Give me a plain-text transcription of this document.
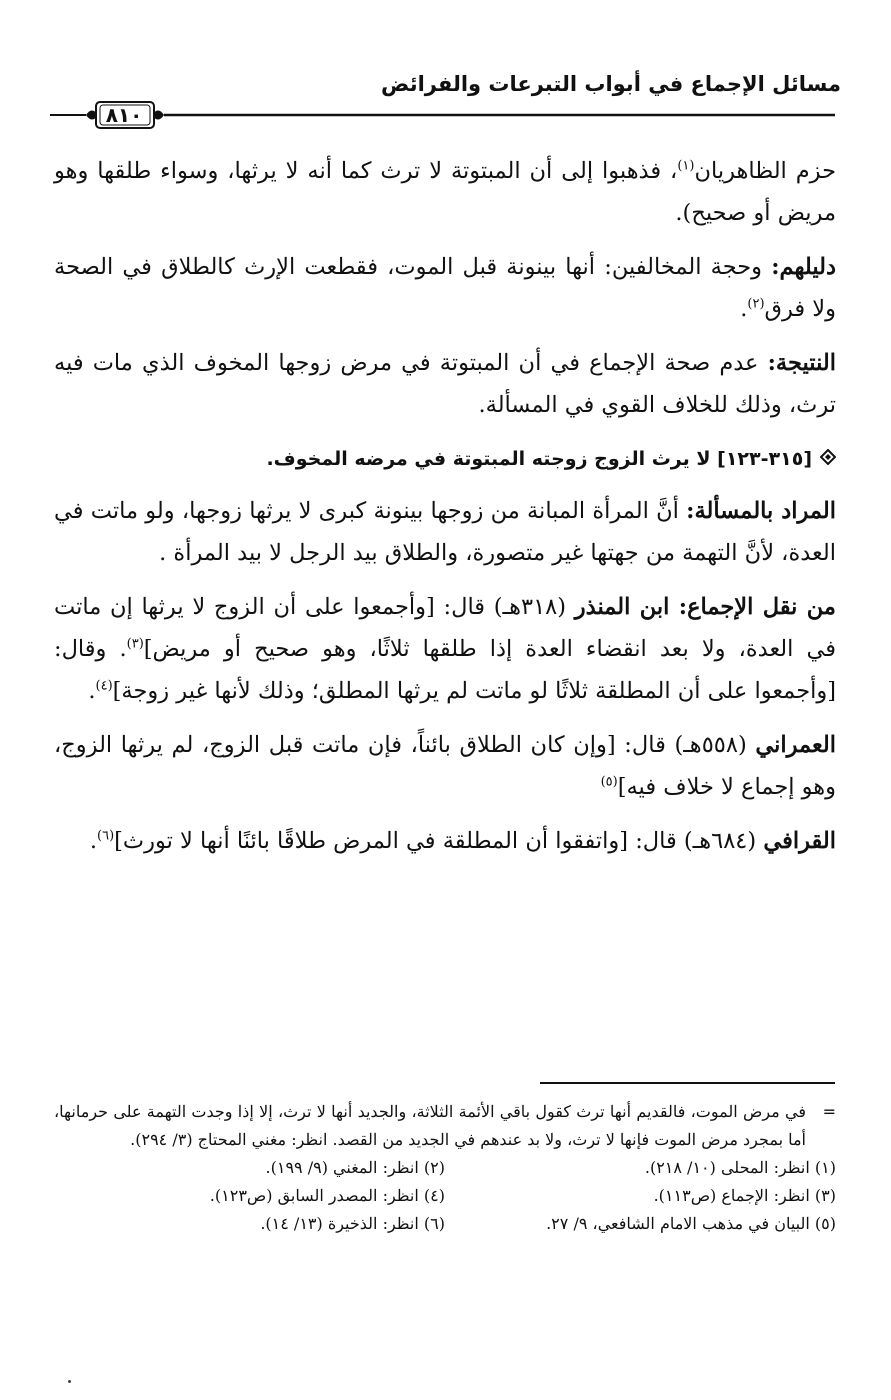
مسائل الإجماع في أبواب التبرعات والفرائض
٨١٠

حزم الظاهريان$^{(١)}$، فذهبوا إلى أن المبتوتة لا ترث كما أنه لا يرثها، وسواء طلقها وهو مريض أو صحيح).

دليلهم: وحجة المخالفين: أنها بينونة قبل الموت، فقطعت الإرث كالطلاق في الصحة ولا فرق$^{(٢)}$.

النتيجة: عدم صحة الإجماع في أن المبتوتة في مرض زوجها المخوف الذي مات فيه ترث، وذلك للخلاف القوي في المسألة.

[٣١٥-١٢٣] لا يرث الزوج زوجته المبتوتة في مرضه المخوف.

المراد بالمسألة: أنَّ المرأة المبانة من زوجها بينونة كبرى لا يرثها زوجها، ولو ماتت في العدة، لأنَّ التهمة من جهتها غير متصورة، والطلاق بيد الرجل لا بيد المرأة .

من نقل الإجماع: ابن المنذر (٣١٨هـ) قال: [وأجمعوا على أن الزوج لا يرثها إن ماتت في العدة، ولا بعد انقضاء العدة إذا طلقها ثلاثًا، وهو صحيح أو مريض]$^{(٣)}$. وقال: [وأجمعوا على أن المطلقة ثلاثًا لو ماتت لم يرثها المطلق؛ وذلك لأنها غير زوجة]$^{(٤)}$.

العمراني (٥٥٨هـ) قال: [وإن كان الطلاق بائناً، فإن ماتت قبل الزوج، لم يرثها الزوج، وهو إجماع لا خلاف فيه]$^{(٥)}$

القرافي (٦٨٤هـ) قال: [واتفقوا أن المطلقة في المرض طلاقًا بائنًا أنها لا تورث]$^{(٦)}$.

=
في مرض الموت، فالقديم أنها ترث كقول باقي الأئمة الثلاثة، والجديد أنها لا ترث، إلا إذا وجدت التهمة على حرمانها، أما بمجرد مرض الموت فإنها لا ترث، ولا بد عندهم في الجديد من القصد. انظر: مغني المحتاج (٣/ ٢٩٤).
(١) انظر: المحلى (١٠/ ٢١٨).
(٢) انظر: المغني (٩/ ١٩٩).
(٣) انظر: الإجماع (ص١١٣).
(٤) انظر: المصدر السابق (ص١٢٣).
(٥) البيان في مذهب الامام الشافعي، ٩/ ٢٧.
(٦) انظر: الذخيرة (١٣/ ١٤).
